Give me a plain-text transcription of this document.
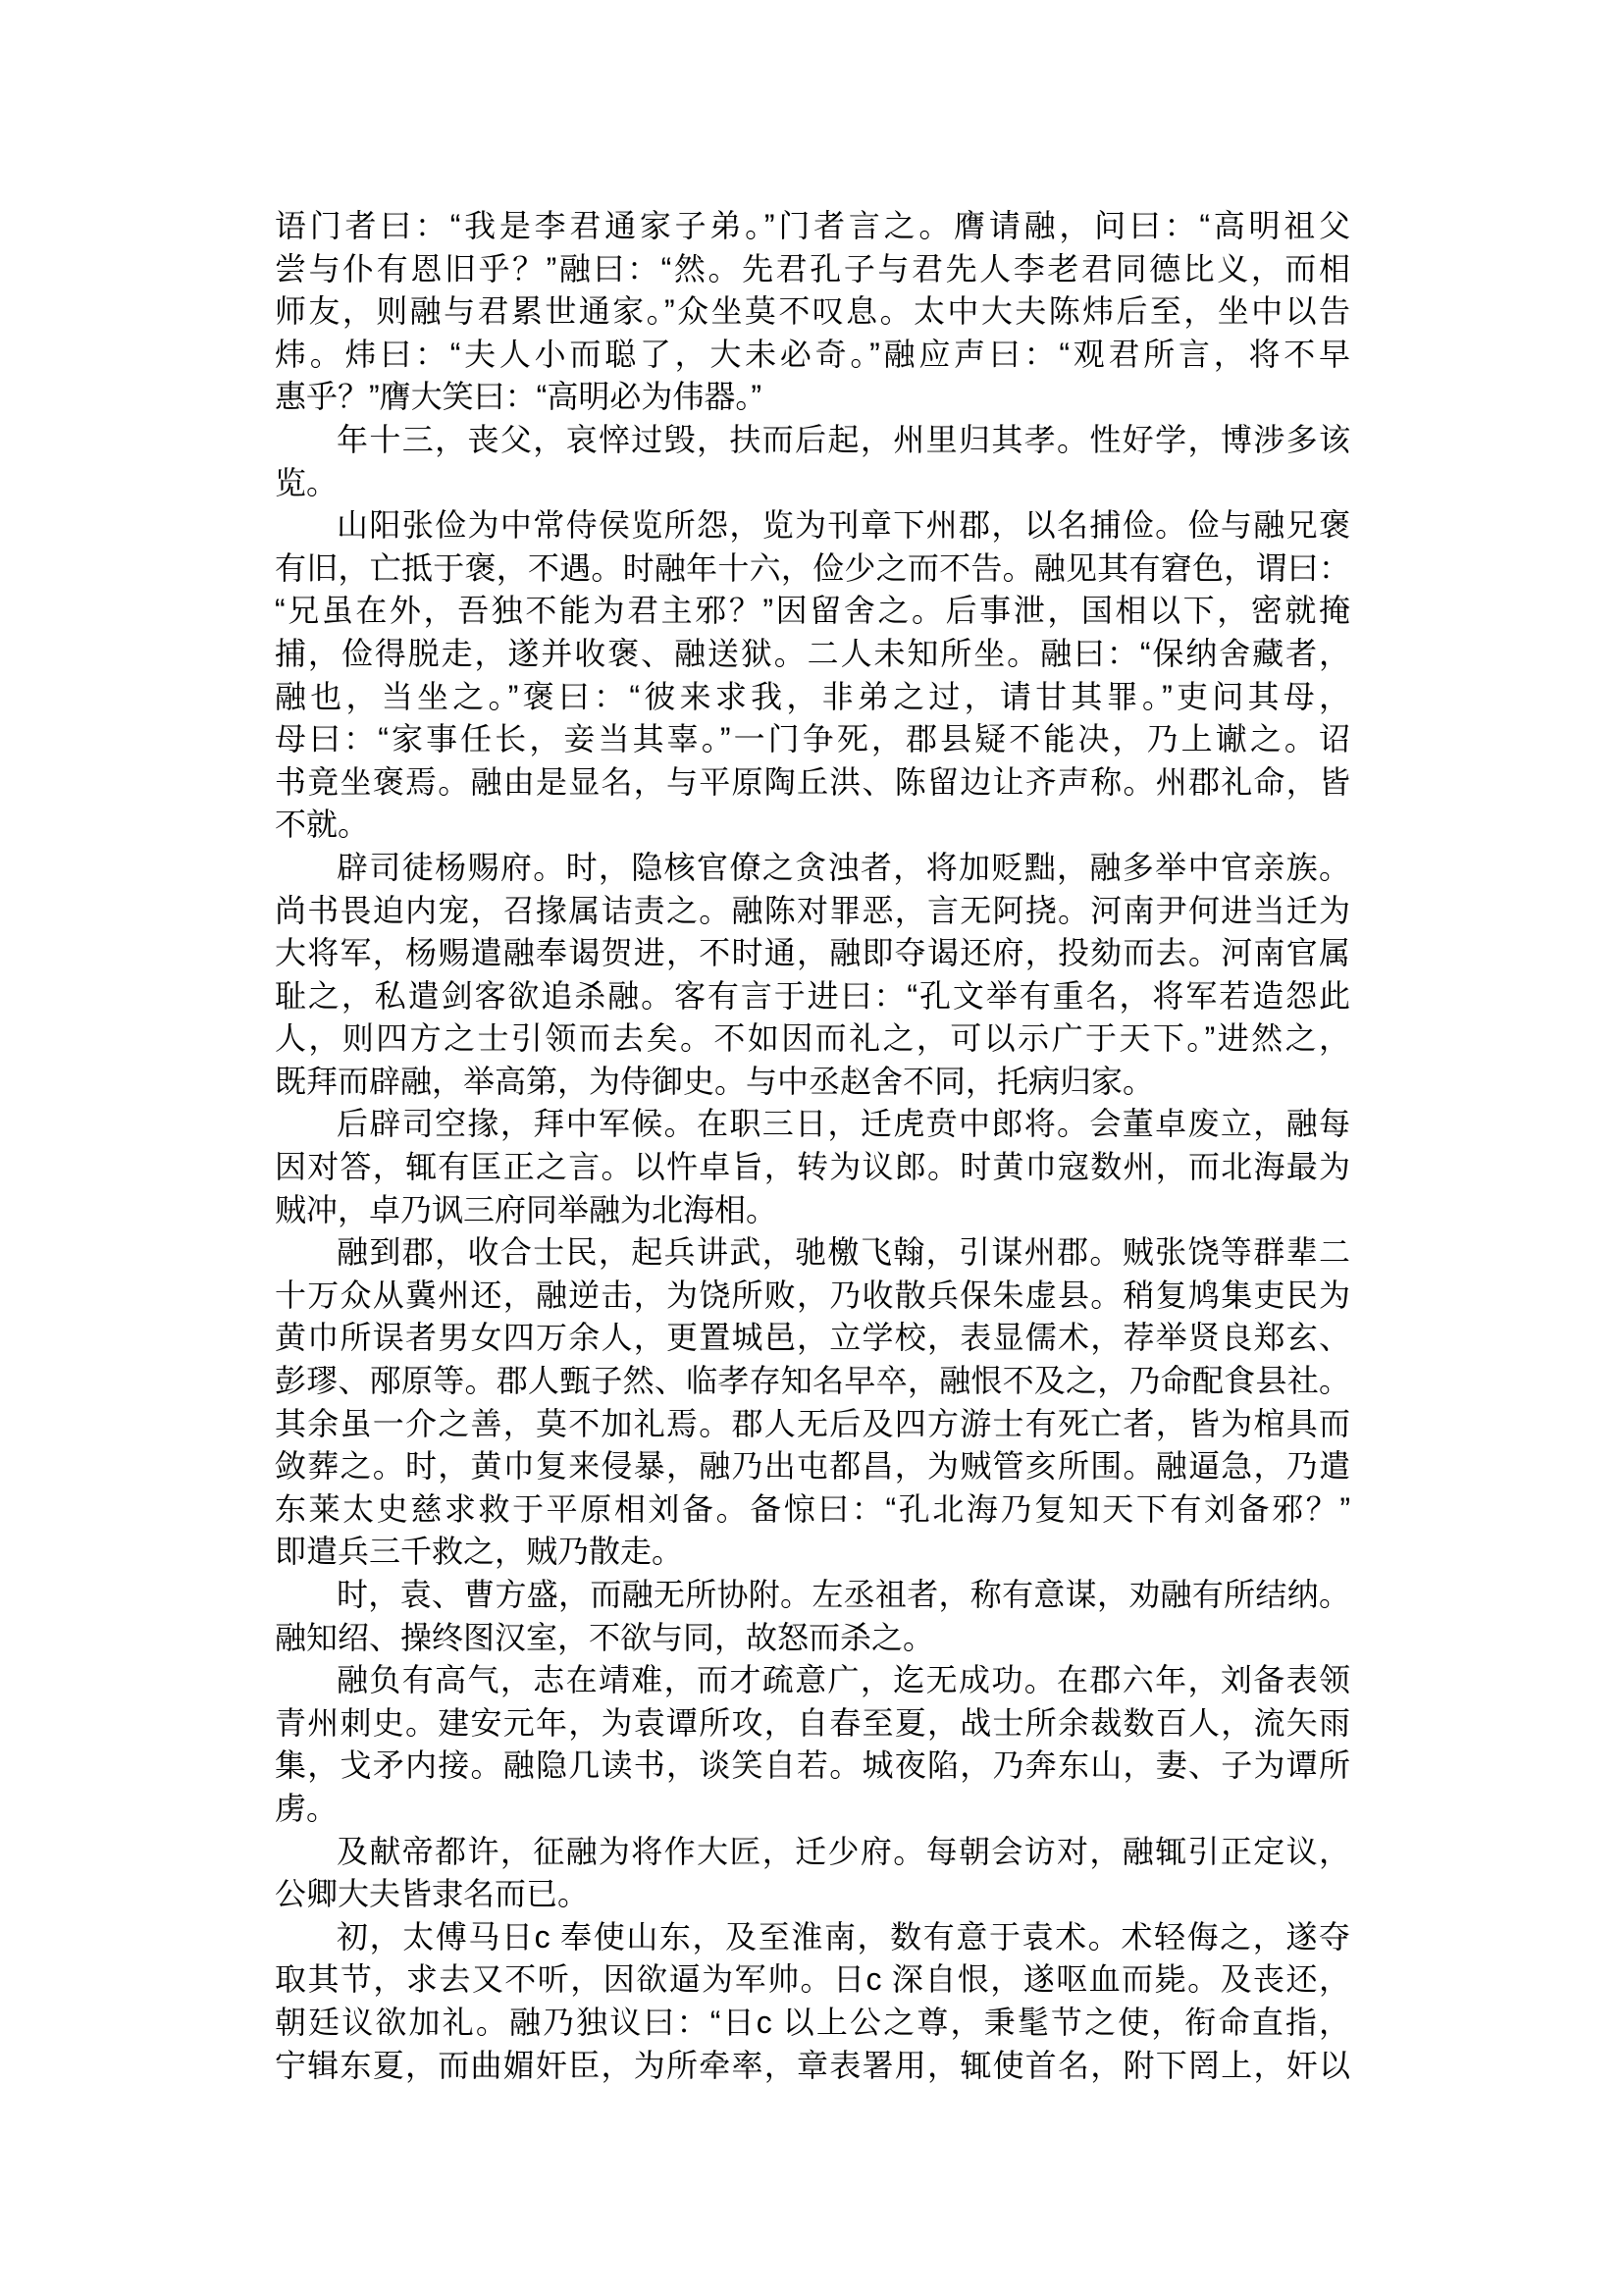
语门者曰：“我是李君通家子弟。”门者言之。膺请融，问曰：“高明祖父
尝与仆有恩旧乎？”融曰：“然。先君孔子与君先人李老君同德比义，而相
师友，则融与君累世通家。”众坐莫不叹息。太中大夫陈炜后至，坐中以告
炜。炜曰：“夫人小而聪了，大未必奇。”融应声曰：“观君所言，将不早
惠乎？”膺大笑曰：“高明必为伟器。”
年十三，丧父，哀悴过毁，扶而后起，州里归其孝。性好学，博涉多该
览。
山阳张俭为中常侍侯览所怨，览为刊章下州郡，以名捕俭。俭与融兄褒
有旧，亡抵于褒，不遇。时融年十六，俭少之而不告。融见其有窘色，谓曰：
“兄虽在外，吾独不能为君主邪？”因留舍之。后事泄，国相以下，密就掩
捕，俭得脱走，遂并收褒、融送狱。二人未知所坐。融曰：“保纳舍藏者，
融也，当坐之。”褒曰：“彼来求我，非弟之过，请甘其罪。”吏问其母，
母曰：“家事任长，妾当其辜。”一门争死，郡县疑不能决，乃上谳之。诏
书竟坐褒焉。融由是显名，与平原陶丘洪、陈留边让齐声称。州郡礼命，皆
不就。
辟司徒杨赐府。时，隐核官僚之贪浊者，将加贬黜，融多举中官亲族。
尚书畏迫内宠，召掾属诘责之。融陈对罪恶，言无阿挠。河南尹何进当迁为
大将军，杨赐遣融奉谒贺进，不时通，融即夺谒还府，投劾而去。河南官属
耻之，私遣剑客欲追杀融。客有言于进曰：“孔文举有重名，将军若造怨此
人，则四方之士引领而去矣。不如因而礼之，可以示广于天下。”进然之，
既拜而辟融，举高第，为侍御史。与中丞赵舍不同，托病归家。
后辟司空掾，拜中军候。在职三日，迁虎贲中郎将。会董卓废立，融每
因对答，辄有匡正之言。以忤卓旨，转为议郎。时黄巾寇数州，而北海最为
贼冲，卓乃讽三府同举融为北海相。
融到郡，收合士民，起兵讲武，驰檄飞翰，引谋州郡。贼张饶等群辈二
十万众从冀州还，融逆击，为饶所败，乃收散兵保朱虚县。稍复鸠集吏民为
黄巾所误者男女四万余人，更置城邑，立学校，表显儒术，荐举贤良郑玄、
彭璆、邴原等。郡人甄子然、临孝存知名早卒，融恨不及之，乃命配食县社。
其余虽一介之善，莫不加礼焉。郡人无后及四方游士有死亡者，皆为棺具而
敛葬之。时，黄巾复来侵暴，融乃出屯都昌，为贼管亥所围。融逼急，乃遣
东莱太史慈求救于平原相刘备。备惊曰：“孔北海乃复知天下有刘备邪？”
即遣兵三千救之，贼乃散走。
时，袁、曹方盛，而融无所协附。左丞祖者，称有意谋，劝融有所结纳。
融知绍、操终图汉室，不欲与同，故怒而杀之。
融负有高气，志在靖难，而才疏意广，迄无成功。在郡六年，刘备表领
青州刺史。建安元年，为袁谭所攻，自春至夏，战士所余裁数百人，流矢雨
集，戈矛内接。融隐几读书，谈笑自若。城夜陷，乃奔东山，妻、子为谭所
虏。
及献帝都许，征融为将作大匠，迁少府。每朝会访对，融辄引正定议，
公卿大夫皆隶名而已。
初，太傅马日c 奉使山东，及至淮南，数有意于袁术。术轻侮之，遂夺
取其节，求去又不听，因欲逼为军帅。日c 深自恨，遂呕血而毙。及丧还，
朝廷议欲加礼。融乃独议曰：“日c 以上公之尊，秉髦节之使，衔命直指，
宁辑东夏，而曲媚奸臣，为所牵率，章表署用，辄使首名，附下罔上，奸以
